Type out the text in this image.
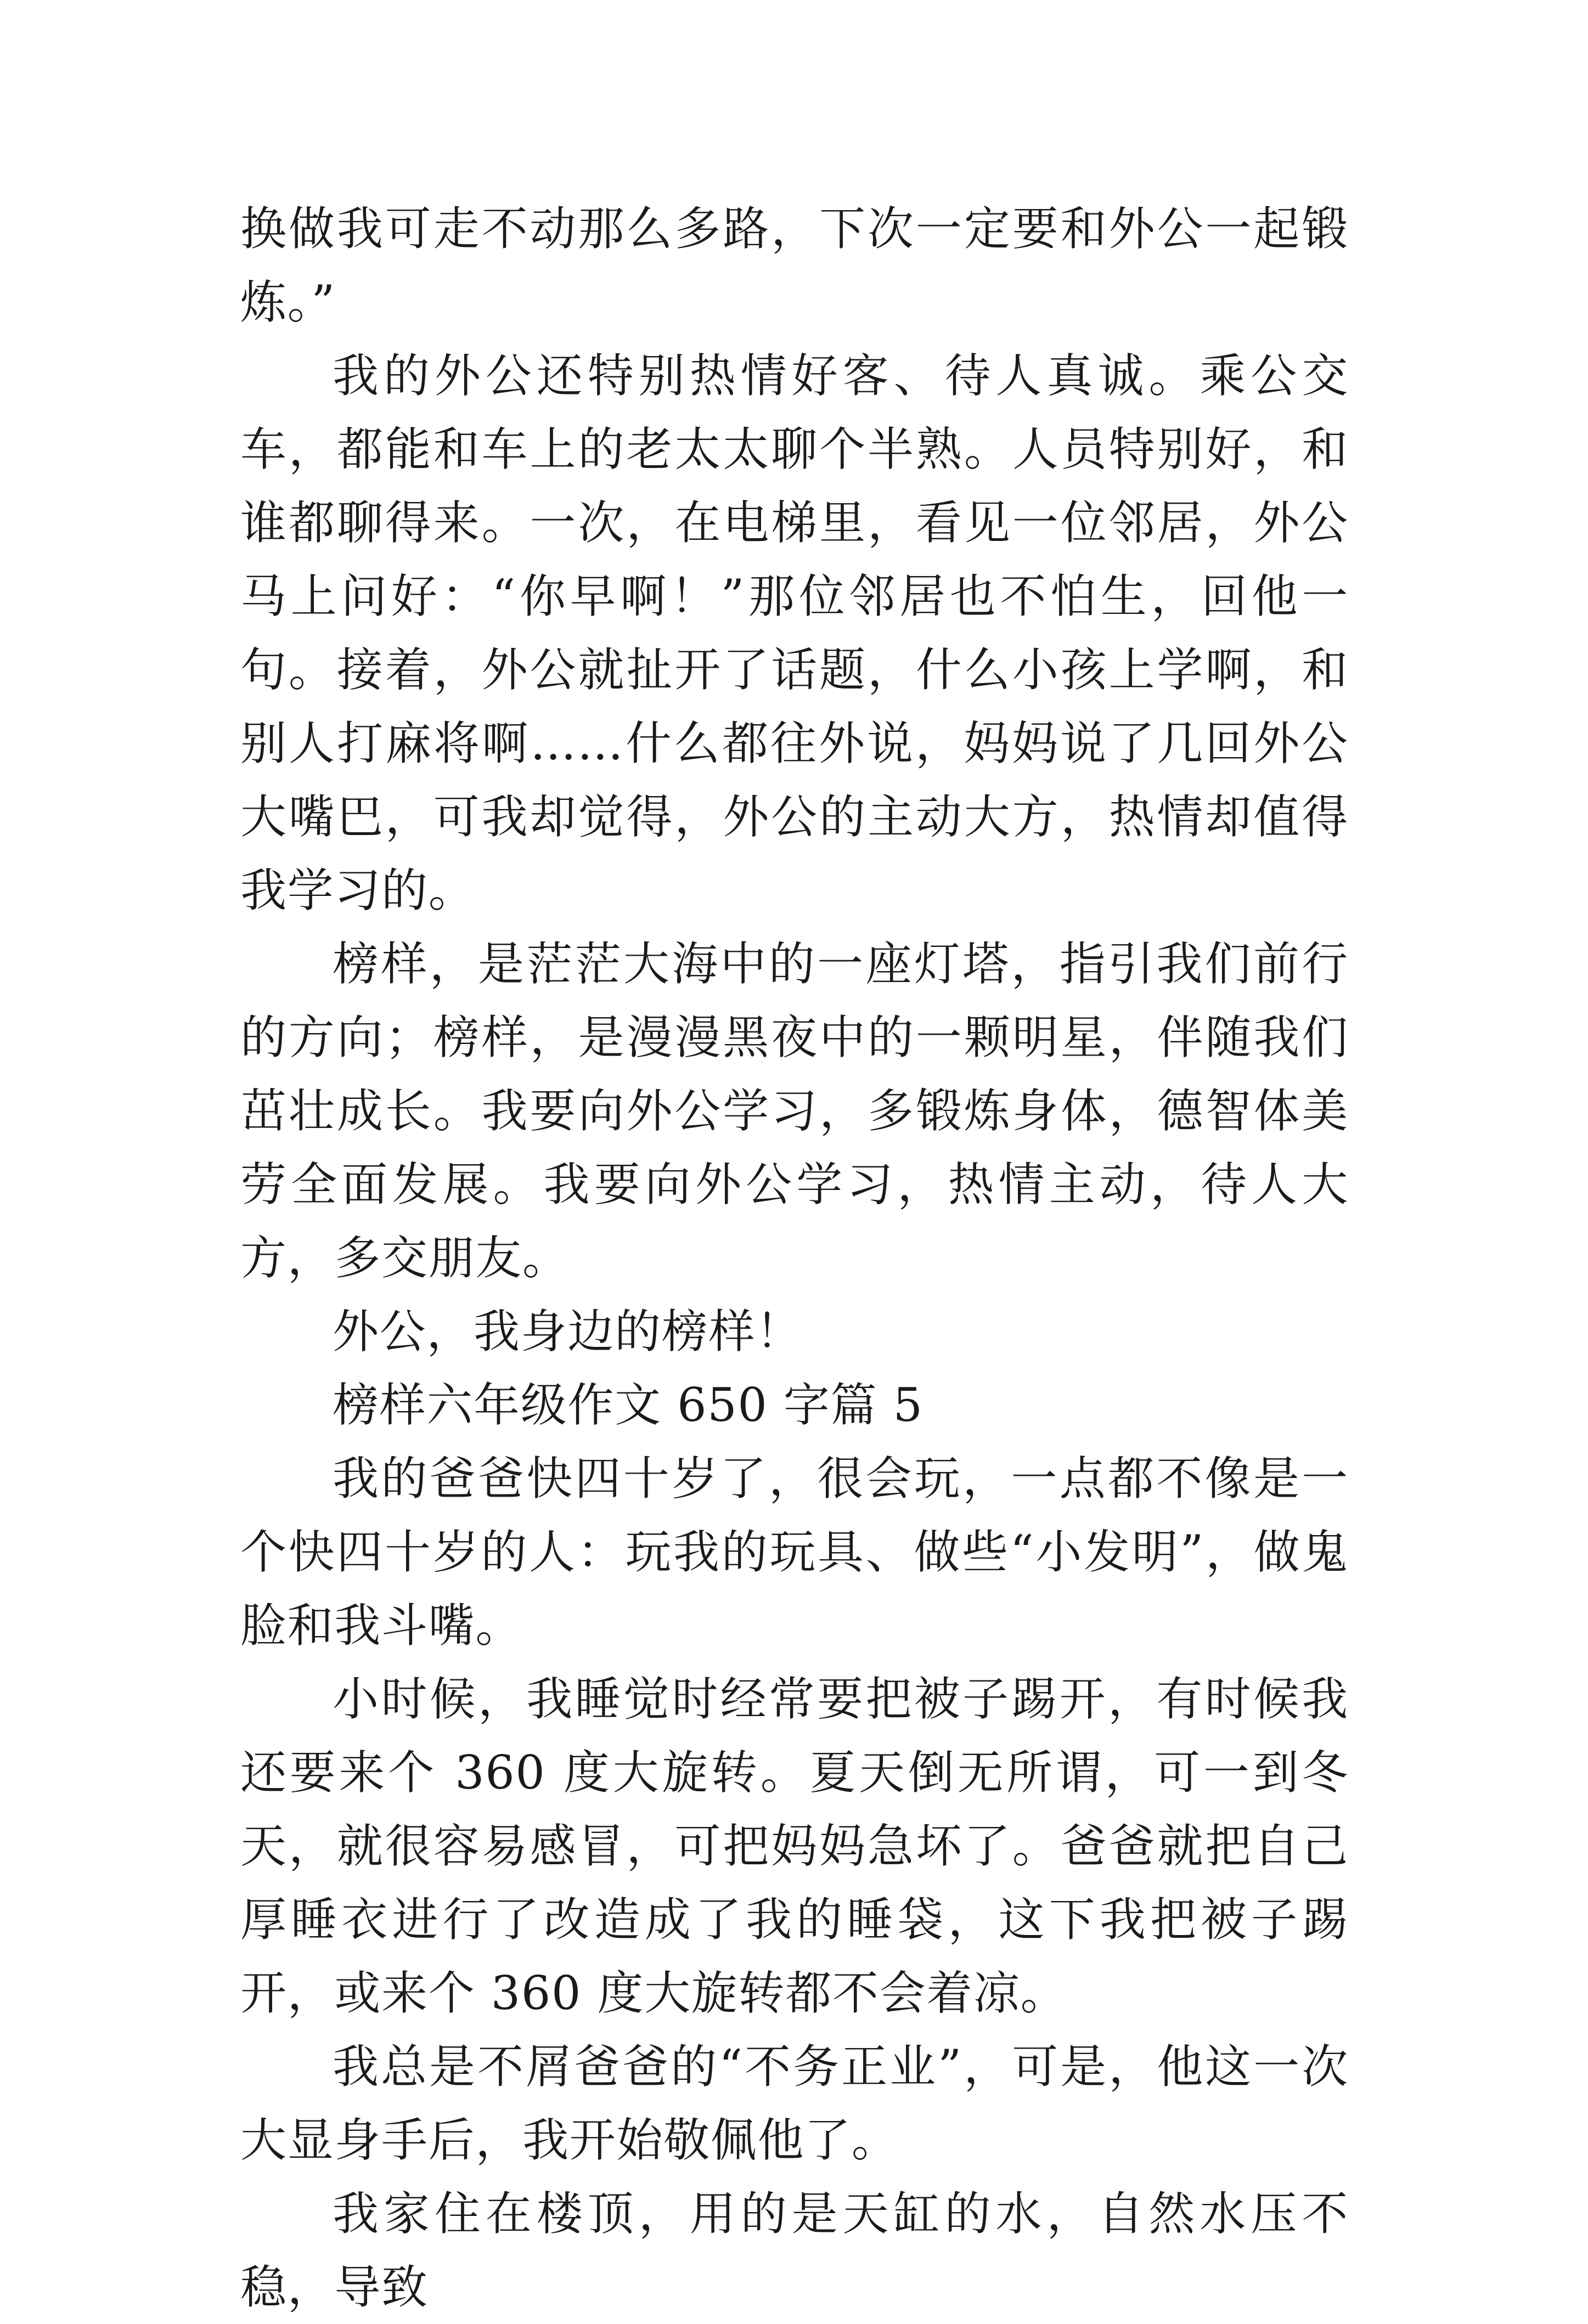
换做我可走不动那么多路，下次一定要和外公一起锻炼。”

我的外公还特别热情好客、待人真诚。乘公交车，都能和车上的老太太聊个半熟。人员特别好，和谁都聊得来。一次，在电梯里，看见一位邻居，外公马上问好：“你早啊！”那位邻居也不怕生，回他一句。接着，外公就扯开了话题，什么小孩上学啊，和别人打麻将啊……什么都往外说，妈妈说了几回外公大嘴巴，可我却觉得，外公的主动大方，热情却值得我学习的。

榜样，是茫茫大海中的一座灯塔，指引我们前行的方向；榜样，是漫漫黑夜中的一颗明星，伴随我们茁壮成长。我要向外公学习，多锻炼身体，德智体美劳全面发展。我要向外公学习，热情主动，待人大方，多交朋友。

外公，我身边的榜样！

榜样六年级作文 650 字篇 5

我的爸爸快四十岁了，很会玩，一点都不像是一个快四十岁的人：玩我的玩具、做些“小发明”，做鬼脸和我斗嘴。

小时候，我睡觉时经常要把被子踢开，有时候我还要来个 360 度大旋转。夏天倒无所谓，可一到冬天，就很容易感冒，可把妈妈急坏了。爸爸就把自己厚睡衣进行了改造成了我的睡袋，这下我把被子踢开，或来个 360 度大旋转都不会着凉。

我总是不屑爸爸的“不务正业”，可是，他这一次大显身手后，我开始敬佩他了。

我家住在楼顶，用的是天缸的水，自然水压不稳，导致
